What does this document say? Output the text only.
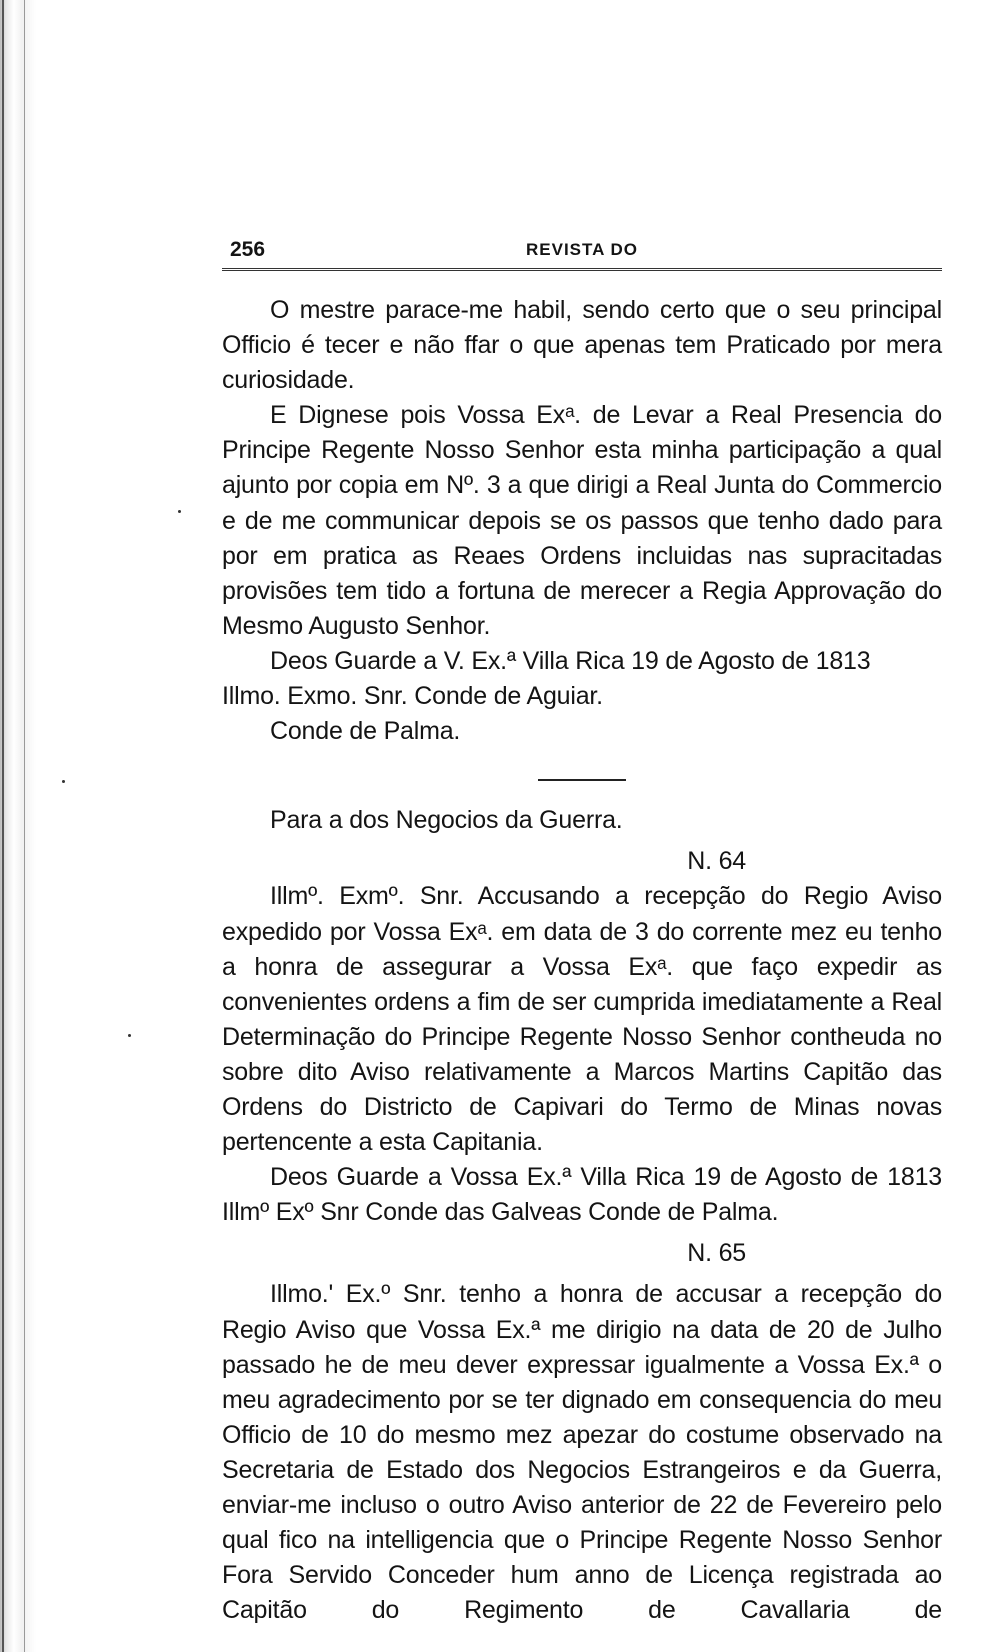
256	REVISTA DO

O mestre parace-me habil, sendo certo que o seu principal Officio é tecer e não ffar o que apenas tem Praticado por mera curiosidade.

E Dignese pois Vossa Exᵃ. de Levar a Real Presencia do Principe Regente Nosso Senhor esta minha participação a qual ajunto por copia em Nº. 3 a que dirigi a Real Junta do Commercio e de me communicar depois se os passos que tenho dado para por em pratica as Reaes Ordens incluidas nas supracitadas provisões tem tido a fortuna de merecer a Regia Approvação do Mesmo Augusto Senhor.

Deos Guarde a V. Ex.ª Villa Rica 19 de Agosto de 1813

Illmo. Exmo. Snr. Conde de Aguiar.

Conde de Palma.

Para a dos Negocios da Guerra.

N. 64

Illmº. Exmº. Snr. Accusando a recepção do Regio Aviso expedido por Vossa Exᵃ. em data de 3 do corrente mez eu tenho a honra de assegurar a Vossa Exᵃ. que faço expedir as convenientes ordens a fim de ser cumprida imediatamente a Real Determinação do Principe Regente Nosso Senhor contheuda no sobre dito Aviso relativamente a Marcos Martins Capitão das Ordens do Districto de Capivari do Termo de Minas novas pertencente a esta Capitania.

Deos Guarde a Vossa Ex.ª Villa Rica 19 de Agosto de 1813 Illmº Exº Snr Conde das Galveas Conde de Palma.

N. 65

Illmo.' Ex.º Snr. tenho a honra de accusar a recepção do Regio Aviso que Vossa Ex.ª me dirigio na data de 20 de Julho passado he de meu dever expressar igualmente a Vossa Ex.ª o meu agradecimento por se ter dignado em consequencia do meu Officio de 10 do mesmo mez apezar do costume observado na Secretaria de Estado dos Negocios Estrangeiros e da Guerra, enviar-me incluso o outro Aviso anterior de 22 de Fevereiro pelo qual fico na intelligencia que o Principe Regente Nosso Senhor Fora Servido Conceder hum anno de Licença registrada ao Capitão do Regimento de Cavallaria de
